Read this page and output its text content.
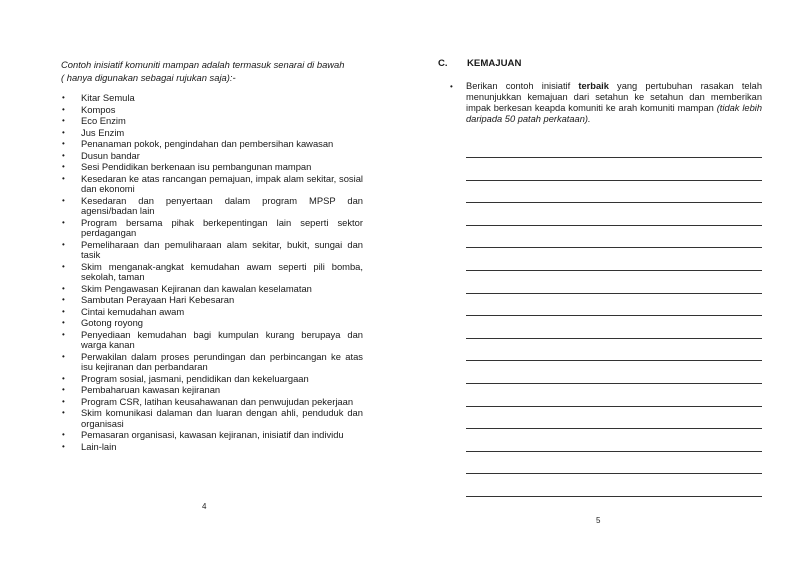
Contoh inisiatif komuniti mampan adalah termasuk senarai di bawah
( hanya digunakan sebagai rujukan saja):-

• Kitar Semula
• Kompos
• Eco Enzim
• Jus Enzim
• Penanaman pokok, pengindahan dan pembersihan kawasan
• Dusun bandar
• Sesi Pendidikan berkenaan isu pembangunan mampan
• Kesedaran ke atas rancangan pemajuan, impak alam sekitar, sosial dan ekonomi
• Kesedaran dan penyertaan dalam program MPSP dan agensi/badan lain
• Program bersama pihak berkepentingan lain seperti sektor perdagangan
• Pemeliharaan dan pemuliharaan alam sekitar, bukit, sungai dan tasik
• Skim menganak-angkat kemudahan awam seperti pili bomba, sekolah, taman
• Skim Pengawasan Kejiranan dan kawalan keselamatan
• Sambutan Perayaan Hari Kebesaran
• Cintai kemudahan awam
• Gotong royong
• Penyediaan kemudahan bagi kumpulan kurang berupaya dan warga kanan
• Perwakilan dalam proses perundingan dan perbincangan ke atas isu kejiranan dan perbandaran
• Program sosial, jasmani, pendidikan dan kekeluargaan
• Pembaharuan kawasan kejiranan
• Program CSR, latihan keusahawanan dan penwujudan pekerjaan
• Skim komunikasi dalaman dan luaran dengan ahli, penduduk dan organisasi
• Pemasaran organisasi, kawasan kejiranan, inisiatif dan individu
• Lain-lain
4
C.	KEMAJUAN
• Berikan contoh inisiatif terbaik yang pertubuhan rasakan telah menunjukkan kemajuan dari setahun ke setahun dan memberikan impak berkesan keapda komuniti ke arah komuniti mampan (tidak lebih daripada 50 patah perkataan).
5
